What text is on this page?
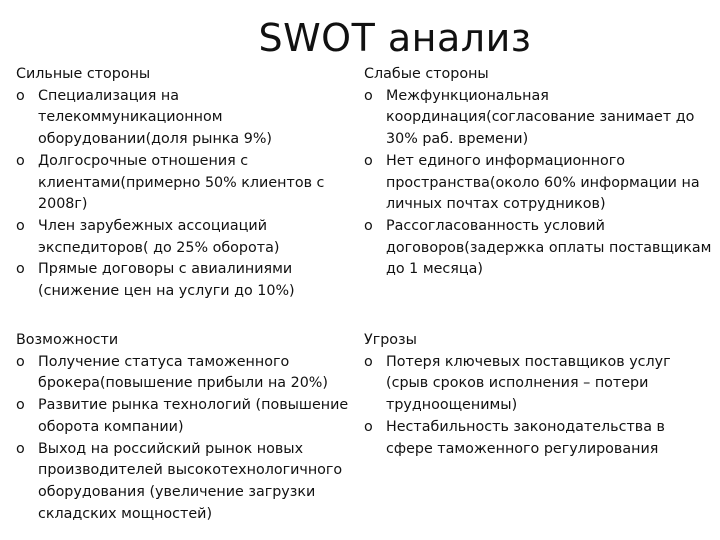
SWOT анализ
Сильные стороны
o Специализация на телекоммуникационном оборудовании(доля рынка 9%)
o Долгосрочные отношения с клиентами(примерно 50% клиентов с 2008г)
o Член зарубежных ассоциаций экспедиторов( до 25% оборота)
o Прямые договоры с авиалиниями (снижение цен на услуги до 10%)
Слабые стороны
o Межфункциональная координация(согласование занимает до 30% раб. времени)
o Нет единого информационного пространства(около 60% информации на личных почтах сотрудников)
o Рассогласованность условий договоров(задержка оплаты поставщикам до 1 месяца)
Возможности
o Получение статуса таможенного брокера(повышение прибыли на 20%)
o Развитие рынка технологий (повышение оборота компании)
o Выход на российский рынок новых производителей высокотехнологичного оборудования (увеличение загрузки складских мощностей)
Угрозы
o Потеря ключевых поставщиков услуг (срыв сроков исполнения – потери трудноощенимы)
o Нестабильность законодательства в сфере таможенного регулирования
